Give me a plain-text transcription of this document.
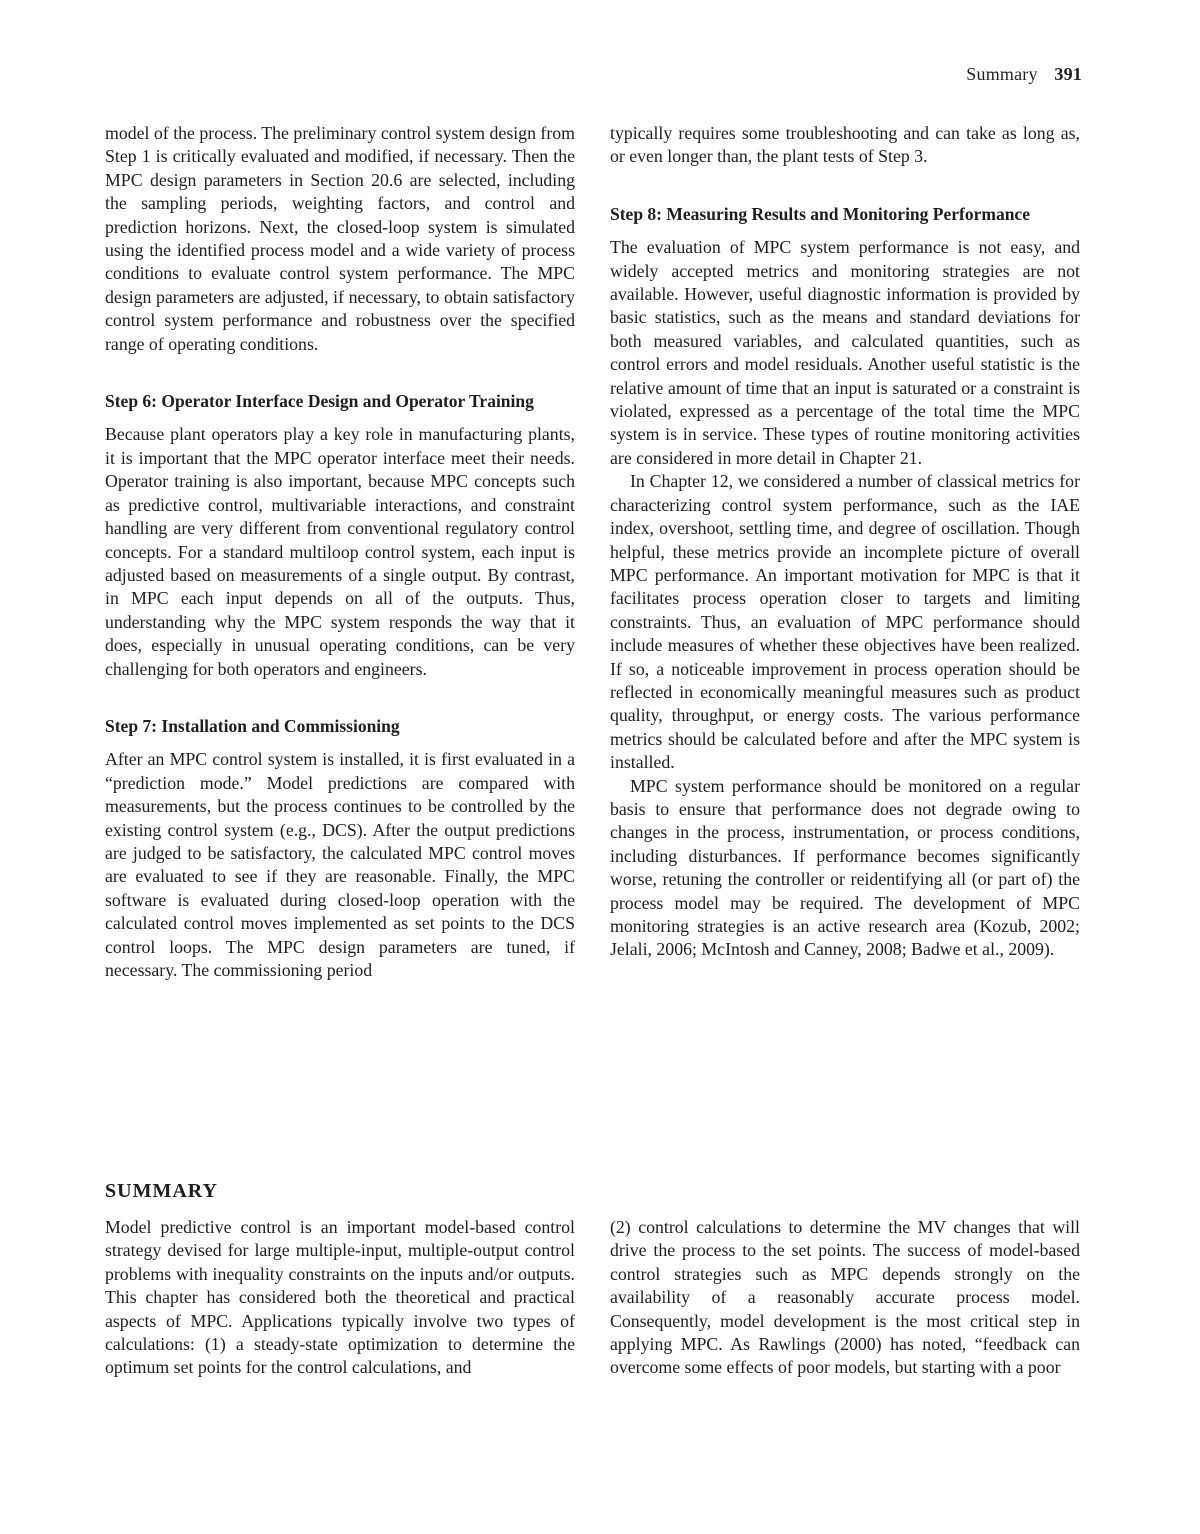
Summary 391

model of the process. The preliminary control system design from Step 1 is critically evaluated and modified, if necessary. Then the MPC design parameters in Section 20.6 are selected, including the sampling periods, weighting factors, and control and prediction horizons. Next, the closed-loop system is simulated using the identified process model and a wide variety of process conditions to evaluate control system performance. The MPC design parameters are adjusted, if necessary, to obtain satisfactory control system performance and robustness over the specified range of operating conditions.

Step 6: Operator Interface Design and Operator Training

Because plant operators play a key role in manufacturing plants, it is important that the MPC operator interface meet their needs. Operator training is also important, because MPC concepts such as predictive control, multivariable interactions, and constraint handling are very different from conventional regulatory control concepts. For a standard multiloop control system, each input is adjusted based on measurements of a single output. By contrast, in MPC each input depends on all of the outputs. Thus, understanding why the MPC system responds the way that it does, especially in unusual operating conditions, can be very challenging for both operators and engineers.

Step 7: Installation and Commissioning

After an MPC control system is installed, it is first evaluated in a “prediction mode.” Model predictions are compared with measurements, but the process continues to be controlled by the existing control system (e.g., DCS). After the output predictions are judged to be satisfactory, the calculated MPC control moves are evaluated to see if they are reasonable. Finally, the MPC software is evaluated during closed-loop operation with the calculated control moves implemented as set points to the DCS control loops. The MPC design parameters are tuned, if necessary. The commissioning period

typically requires some troubleshooting and can take as long as, or even longer than, the plant tests of Step 3.

Step 8: Measuring Results and Monitoring Performance

The evaluation of MPC system performance is not easy, and widely accepted metrics and monitoring strategies are not available. However, useful diagnostic information is provided by basic statistics, such as the means and standard deviations for both measured variables, and calculated quantities, such as control errors and model residuals. Another useful statistic is the relative amount of time that an input is saturated or a constraint is violated, expressed as a percentage of the total time the MPC system is in service. These types of routine monitoring activities are considered in more detail in Chapter 21.

In Chapter 12, we considered a number of classical metrics for characterizing control system performance, such as the IAE index, overshoot, settling time, and degree of oscillation. Though helpful, these metrics provide an incomplete picture of overall MPC performance. An important motivation for MPC is that it facilitates process operation closer to targets and limiting constraints. Thus, an evaluation of MPC performance should include measures of whether these objectives have been realized. If so, a noticeable improvement in process operation should be reflected in economically meaningful measures such as product quality, throughput, or energy costs. The various performance metrics should be calculated before and after the MPC system is installed.

MPC system performance should be monitored on a regular basis to ensure that performance does not degrade owing to changes in the process, instrumentation, or process conditions, including disturbances. If performance becomes significantly worse, retuning the controller or reidentifying all (or part of) the process model may be required. The development of MPC monitoring strategies is an active research area (Kozub, 2002; Jelali, 2006; McIntosh and Canney, 2008; Badwe et al., 2009).

SUMMARY

Model predictive control is an important model-based control strategy devised for large multiple-input, multiple-output control problems with inequality constraints on the inputs and/or outputs. This chapter has considered both the theoretical and practical aspects of MPC. Applications typically involve two types of calculations: (1) a steady-state optimization to determine the optimum set points for the control calculations, and

(2) control calculations to determine the MV changes that will drive the process to the set points. The success of model-based control strategies such as MPC depends strongly on the availability of a reasonably accurate process model. Consequently, model development is the most critical step in applying MPC. As Rawlings (2000) has noted, “feedback can overcome some effects of poor models, but starting with a poor
